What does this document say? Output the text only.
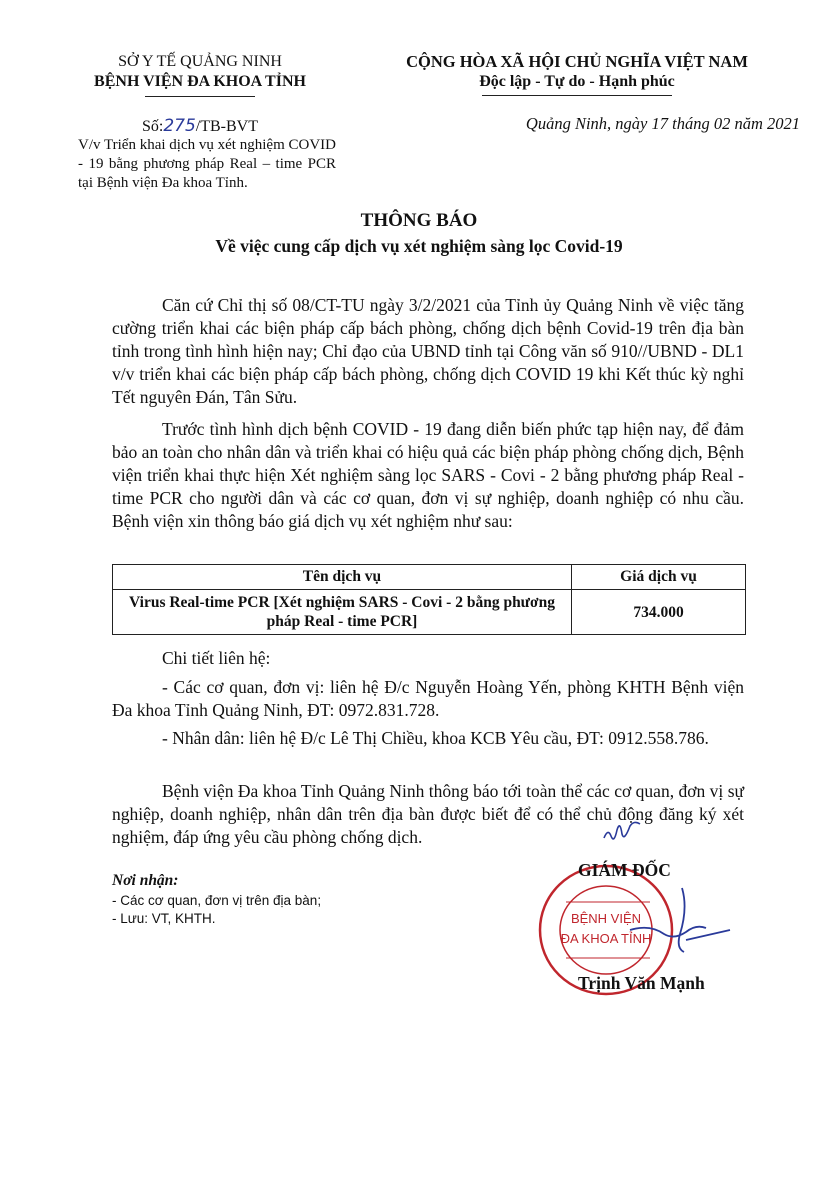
SỞ Y TẾ QUẢNG NINH
BỆNH VIỆN ĐA KHOA TỈNH
CỘNG HÒA XÃ HỘI CHỦ NGHĨA VIỆT NAM
Độc lập - Tự do - Hạnh phúc
Số:275/TB-BVT
V/v Triển khai dịch vụ xét nghiệm COVID - 19 bằng phương pháp Real – time PCR tại Bệnh viện Đa khoa Tỉnh.
Quảng Ninh, ngày 17 tháng 02 năm 2021
THÔNG BÁO
Về việc cung cấp dịch vụ xét nghiệm sàng lọc Covid-19

Căn cứ Chỉ thị số 08/CT-TU ngày 3/2/2021 của Tỉnh ủy Quảng Ninh về việc tăng cường triển khai các biện pháp cấp bách phòng, chống dịch bệnh Covid-19 trên địa bàn tỉnh trong tình hình hiện nay; Chỉ đạo của UBND tỉnh tại Công văn số 910//UBND - DL1 v/v triển khai các biện pháp cấp bách phòng, chống dịch COVID 19 khi Kết thúc kỳ nghỉ Tết nguyên Đán, Tân Sửu.

Trước tình hình dịch bệnh COVID - 19 đang diễn biến phức tạp hiện nay, để đảm bảo an toàn cho nhân dân và triển khai có hiệu quả các biện pháp phòng chống dịch, Bệnh viện triển khai thực hiện Xét nghiệm sàng lọc SARS - Covi - 2 bằng phương pháp Real - time PCR cho người dân và các cơ quan, đơn vị sự nghiệp, doanh nghiệp có nhu cầu. Bệnh viện xin thông báo giá dịch vụ xét nghiệm như sau:

Tên dịch vụ	Giá dịch vụ
Virus Real-time PCR [Xét nghiệm SARS - Covi - 2 bằng phương pháp Real - time PCR]	734.000
Chi tiết liên hệ:

- Các cơ quan, đơn vị: liên hệ Đ/c Nguyễn Hoàng Yến, phòng KHTH Bệnh viện Đa khoa Tỉnh Quảng Ninh, ĐT: 0972.831.728.

- Nhân dân: liên hệ Đ/c Lê Thị Chiều, khoa KCB Yêu cầu, ĐT: 0912.558.786.

Bệnh viện Đa khoa Tỉnh Quảng Ninh thông báo tới toàn thể các cơ quan, đơn vị sự nghiệp, doanh nghiệp, nhân dân trên địa bàn được biết để có thể chủ động đăng ký xét nghiệm, đáp ứng yêu cầu phòng chống dịch.

Nơi nhận:
- Các cơ quan, đơn vị trên địa bàn;
- Lưu: VT, KHTH.	BỆNH VIỆN
ĐA KHOA TỈNH
GIÁM ĐỐC
Trịnh Văn Mạnh
